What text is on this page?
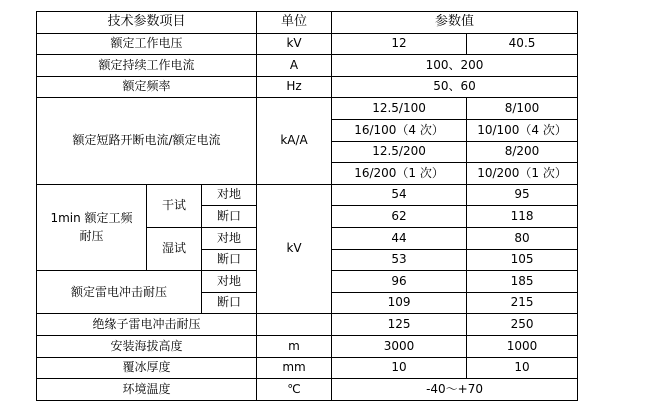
技术参数项目			单位	参数值	
额定工作电压			kV	12	40.5
额定持续工作电流			A	100、200	
额定频率			Hz	50、60	
额定短路开断电流/额定电流			kA/A	12.5/100	8/100
				16/100（4 次）	10/100（4 次）
				12.5/200	8/200
				16/200（1 次）	10/200（1 次）
1min 额定工频
耐压	干试	对地	kV	54	95
		断口		62	118
	湿试	对地		44	80
		断口		53	105
额定雷电冲击耐压		对地		96	185
		断口		109	215
绝缘子雷电冲击耐压				125	250
安装海拔高度			m	3000	1000
覆冰厚度			mm	10	10
环境温度			℃	-40～+70	
